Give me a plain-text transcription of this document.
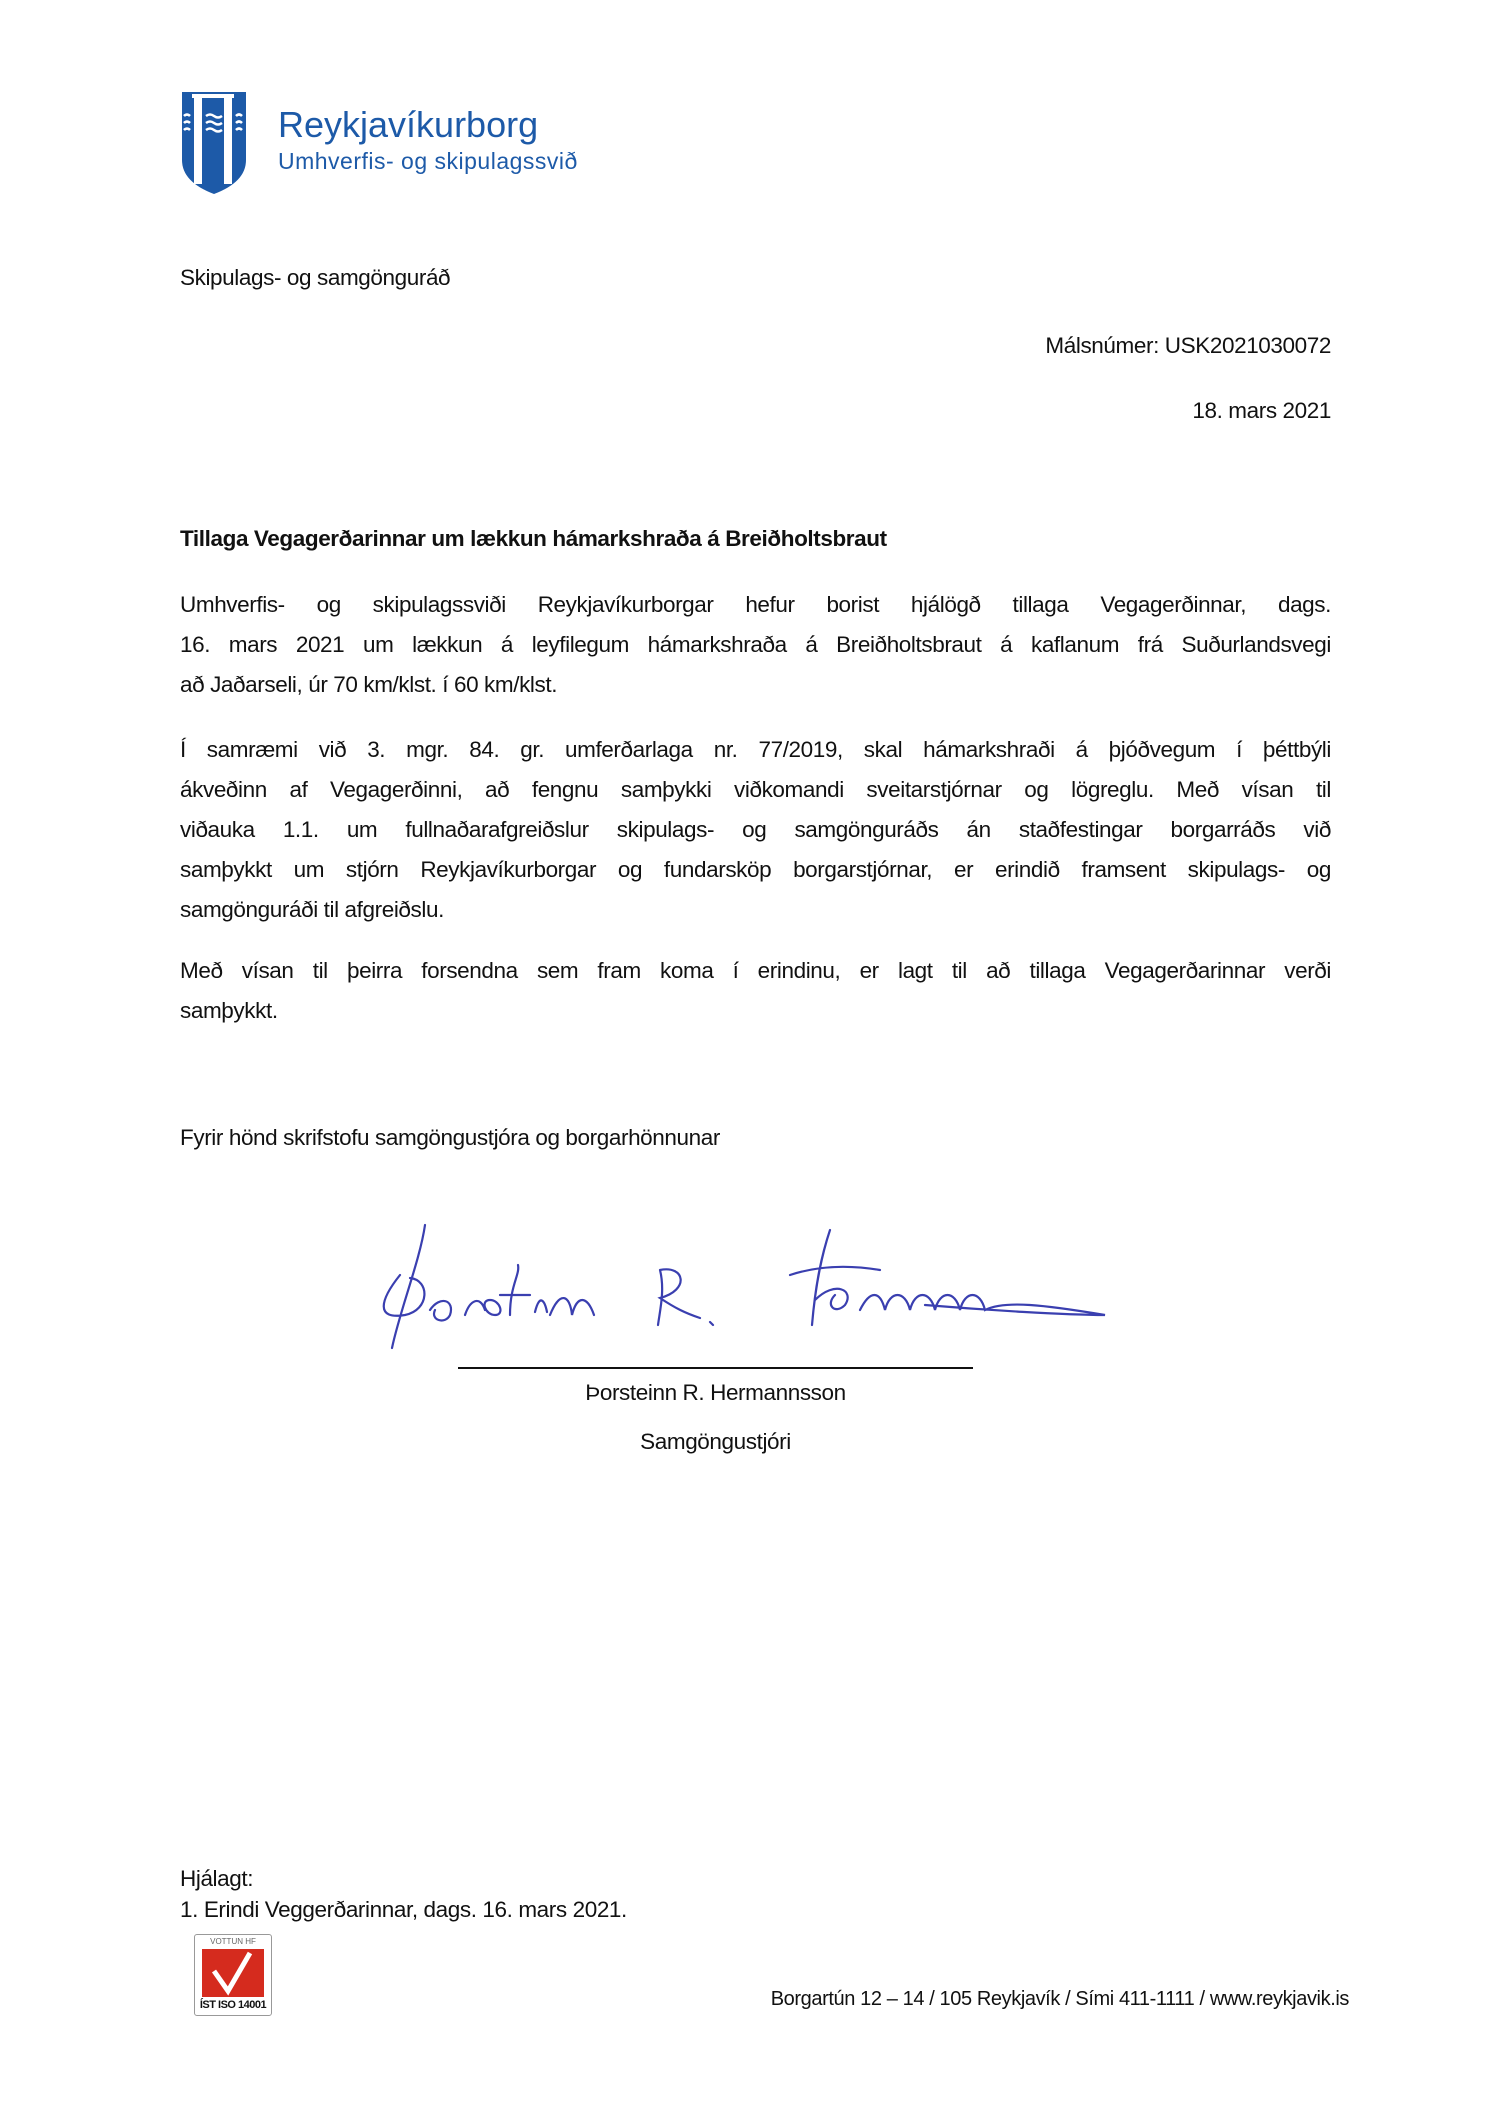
Reykjavíkurborg
Umhverfis- og skipulagssvið
Skipulags- og samgönguráð
Málsnúmer: USK2021030072
18. mars 2021
Tillaga Vegagerðarinnar um lækkun hámarkshraða á Breiðholtsbraut
Umhverfis- og skipulagssviði Reykjavíkurborgar hefur borist hjálögð tillaga Vegagerðinnar, dags.
16. mars 2021 um lækkun á leyfilegum hámarkshraða á Breiðholtsbraut á kaflanum frá Suðurlandsvegi
að Jaðarseli, úr 70 km/klst. í 60 km/klst.
Í samræmi við 3. mgr. 84. gr. umferðarlaga nr. 77/2019, skal hámarkshraði á þjóðvegum í þéttbýli
ákveðinn af Vegagerðinni, að fengnu samþykki viðkomandi sveitarstjórnar og lögreglu. Með vísan til
viðauka 1.1. um fullnaðarafgreiðslur skipulags- og samgönguráðs án staðfestingar borgarráðs við
samþykkt um stjórn Reykjavíkurborgar og fundarsköp borgarstjórnar, er erindið framsent skipulags- og
samgönguráði til afgreiðslu.
Með vísan til þeirra forsendna sem fram koma í erindinu, er lagt til að tillaga Vegagerðarinnar verði
samþykkt.
Fyrir hönd skrifstofu samgöngustjóra og borgarhönnunar
Þorsteinn R. Hermannsson
Samgöngustjóri
Hjálagt:
1. Erindi Veggerðarinnar, dags. 16. mars 2021.
VOTTUN HF
ÍST ISO 14001	Borgartún 12 – 14 / 105 Reykjavík / Sími 411-1111 / www.reykjavik.is
